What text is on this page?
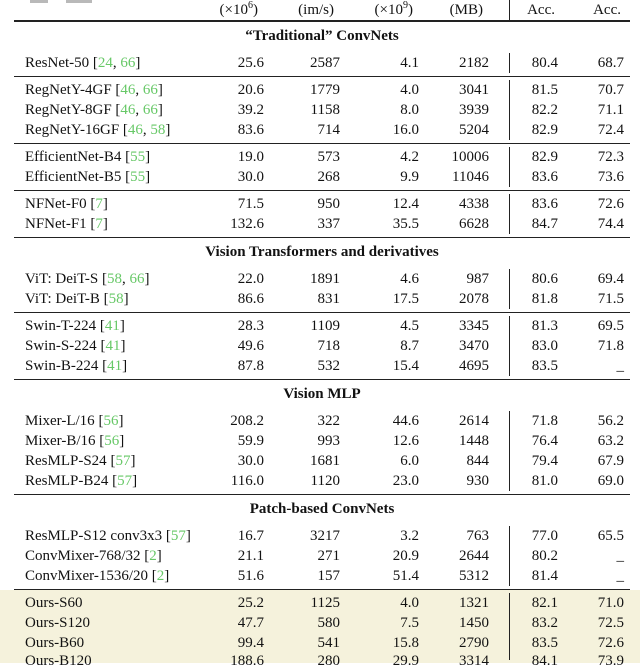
$(\times 10^6)$	(im/s)	$(\times 10^9)$	(MB)	Acc.	Acc.
“Traditional” ConvNets
ResNet-50 [24, 66]	25.6	2587	4.1	2182	80.4	68.7
RegNetY-4GF [46, 66]	20.6	1779	4.0	3041	81.5	70.7
RegNetY-8GF [46, 66]	39.2	1158	8.0	3939	82.2	71.1
RegNetY-16GF [46, 58]	83.6	714	16.0	5204	82.9	72.4
EfficientNet-B4 [55]	19.0	573	4.2	10006	82.9	72.3
EfficientNet-B5 [55]	30.0	268	9.9	11046	83.6	73.6
NFNet-F0 [7]	71.5	950	12.4	4338	83.6	72.6
NFNet-F1 [7]	132.6	337	35.5	6628	84.7	74.4
Vision Transformers and derivatives
ViT: DeiT-S [58, 66]	22.0	1891	4.6	987	80.6	69.4
ViT: DeiT-B [58]	86.6	831	17.5	2078	81.8	71.5
Swin-T-224 [41]	28.3	1109	4.5	3345	81.3	69.5
Swin-S-224 [41]	49.6	718	8.7	3470	83.0	71.8
Swin-B-224 [41]	87.8	532	15.4	4695	83.5	_
Vision MLP
Mixer-L/16 [56]	208.2	322	44.6	2614	71.8	56.2
Mixer-B/16 [56]	59.9	993	12.6	1448	76.4	63.2
ResMLP-S24 [57]	30.0	1681	6.0	844	79.4	67.9
ResMLP-B24 [57]	116.0	1120	23.0	930	81.0	69.0
Patch-based ConvNets
ResMLP-S12 conv3x3 [57]	16.7	3217	3.2	763	77.0	65.5
ConvMixer-768/32 [2]	21.1	271	20.9	2644	80.2	_
ConvMixer-1536/20 [2]	51.6	157	51.4	5312	81.4	_
Ours-S60	25.2	1125	4.0	1321	82.1	71.0
Ours-S120	47.7	580	7.5	1450	83.2	72.5
Ours-B60	99.4	541	15.8	2790	83.5	72.6
Ours-B120	188.6	280	29.9	3314	84.1	73.9
